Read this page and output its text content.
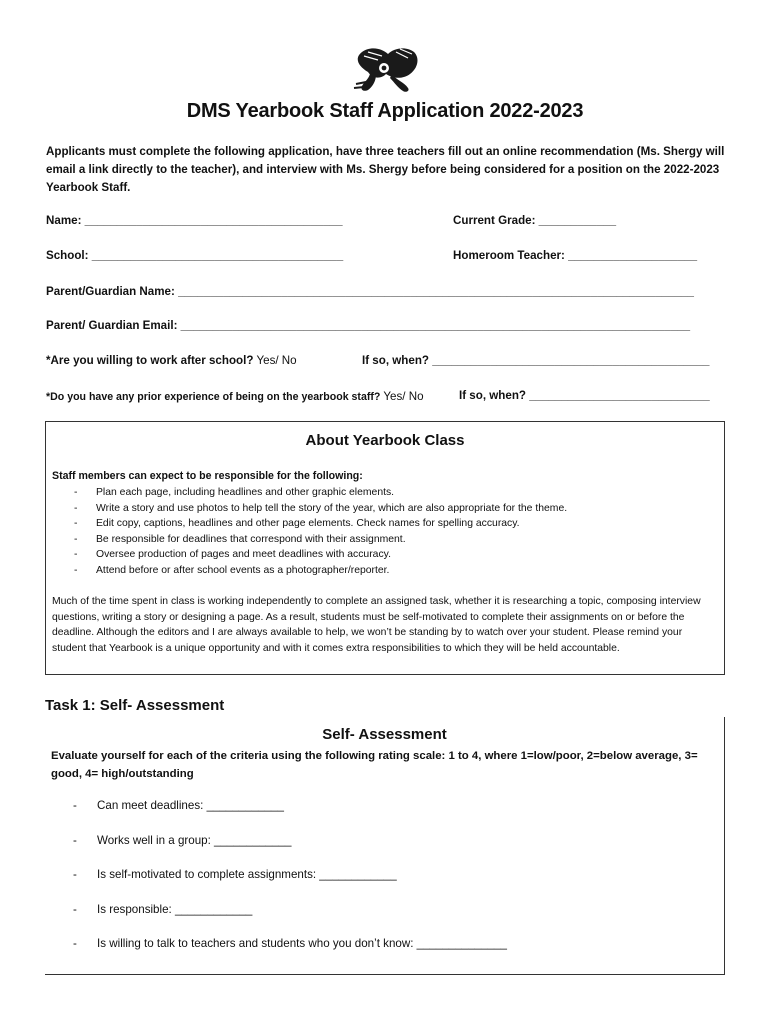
DMS Yearbook Staff Application 2022-2023
Applicants must complete the following application, have three teachers fill out an online recommendation (Ms. Shergy will email a link directly to the teacher), and interview with Ms. Shergy before being considered for a position on the 2022-2023 Yearbook Staff.
Name: ________________________________________	Current Grade: ____________
School: _______________________________________	Homeroom Teacher: ____________________
Parent/Guardian Name: ________________________________________________________________________________
Parent/ Guardian Email: _______________________________________________________________________________
*Are you willing to work after school? Yes/ No	If so, when? ___________________________________________
*Do you have any prior experience of being on the yearbook staff? Yes/ No	If so, when? ____________________________
About Yearbook Class
Staff members can expect to be responsible for the following:
- Plan each page, including headlines and other graphic elements.
- Write a story and use photos to help tell the story of the year, which are also appropriate for the theme.
- Edit copy, captions, headlines and other page elements. Check names for spelling accuracy.
- Be responsible for deadlines that correspond with their assignment.
- Oversee production of pages and meet deadlines with accuracy.
- Attend before or after school events as a photographer/reporter.
Much of the time spent in class is working independently to complete an assigned task, whether it is researching a topic, composing interview questions, writing a story or designing a page. As a result, students must be self-motivated to complete their assignments on or before the deadline. Although the editors and I are always available to help, we won’t be standing by to watch over your student. Please remind your student that Yearbook is a unique opportunity and with it comes extra responsibilities to which they will be held accountable.
Task 1: Self- Assessment
Self- Assessment
Evaluate yourself for each of the criteria using the following rating scale: 1 to 4, where 1=low/poor, 2=below average, 3= good, 4= high/outstanding
- Can meet deadlines: ____________
- Works well in a group: ____________
- Is self-motivated to complete assignments: ____________
- Is responsible: ____________
- Is willing to talk to teachers and students who you don’t know: ______________
